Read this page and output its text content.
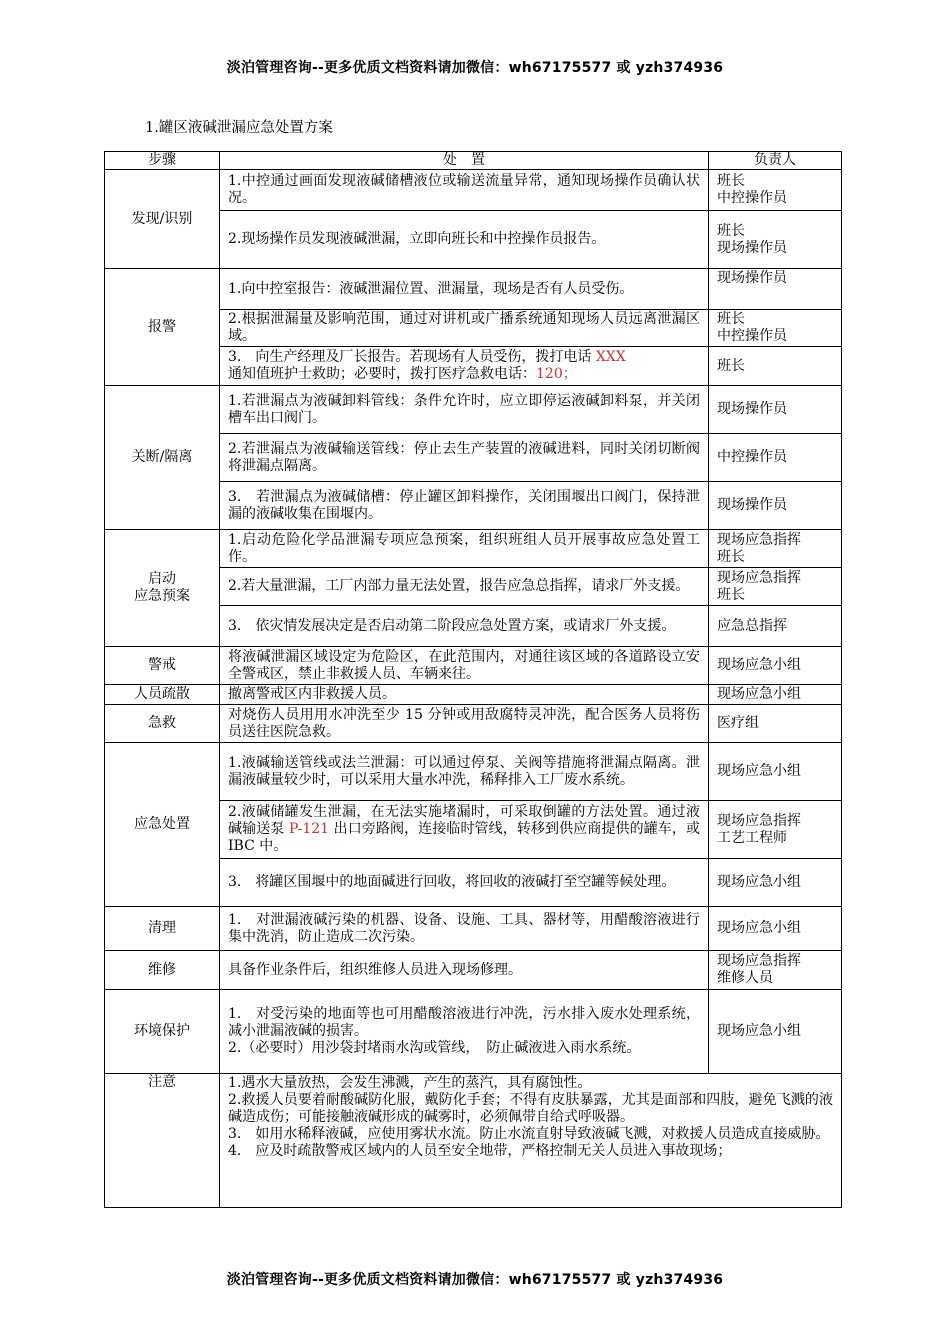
淡泊管理咨询--更多优质文档资料请加微信：wh67175577 或 yzh374936
1.罐区液碱泄漏应急处置方案
步骤	处　置	负责人
发现/识别	1.中控通过画面发现液碱储槽液位或输送流量异常，通知现场操作员确认状况。	班长
中控操作员

	2.现场操作员发现液碱泄漏，立即向班长和中控操作员报告。	班长
现场操作员

报警	1.向中控室报告：液碱泄漏位置、泄漏量，现场是否有人员受伤。	现场操作员

	2.根据泄漏量及影响范围，通过对讲机或广播系统通知现场人员远离泄漏区域。	班长
中控操作员

	3.　向生产经理及厂长报告。若现场有人员受伤，拨打电话 XXX
通知值班护士救助；必要时，拨打医疗急救电话：120；	班长

关断/隔离	1.若泄漏点为液碱卸料管线：条件允许时，应立即停运液碱卸料泵，并关闭槽车出口阀门。	现场操作员

	2.若泄漏点为液碱输送管线：停止去生产装置的液碱进料，同时关闭切断阀将泄漏点隔离。	中控操作员

	3.　若泄漏点为液碱储槽：停止罐区卸料操作，关闭围堰出口阀门，保持泄漏的液碱收集在围堰内。	现场操作员

启动
应急预案	1.启动危险化学品泄漏专项应急预案，组织班组人员开展事故应急处置工作。	现场应急指挥
班长

	2.若大量泄漏，工厂内部力量无法处置，报告应急总指挥，请求厂外支援。	现场应急指挥
班长

	3.　依灾情发展决定是否启动第二阶段应急处置方案，或请求厂外支援。	应急总指挥

警戒	将液碱泄漏区域设定为危险区，在此范围内，对通往该区域的各道路设立安全警戒区，禁止非救援人员、车辆来往。	现场应急小组
人员疏散	撤离警戒区内非救援人员。	现场应急小组
急救	对烧伤人员用用水冲洗至少 15 分钟或用敌腐特灵冲洗，配合医务人员将伤员送往医院急救。	医疗组
应急处置	1.液碱输送管线或法兰泄漏：可以通过停泵、关阀等措施将泄漏点隔离。泄漏液碱量较少时，可以采用大量水冲洗，稀释排入工厂废水系统。	现场应急小组

	2.液碱储罐发生泄漏，在无法实施堵漏时，可采取倒罐的方法处置。通过液碱输送泵 P-121 出口旁路阀，连接临时管线，转移到供应商提供的罐车，或 IBC 中。	现场应急指挥
工艺工程师

	3.　将罐区围堰中的地面碱进行回收，将回收的液碱打至空罐等候处理。	现场应急小组

清理	1.　对泄漏液碱污染的机器、设备、设施、工具、器材等，用醋酸溶液进行集中洗消，防止造成二次污染。	现场应急小组
维修	具备作业条件后，组织维修人员进入现场修理。	现场应急指挥
维修人员

环境保护	1.　对受污染的地面等也可用醋酸溶液进行冲洗，污水排入废水处理系统，减小泄漏液碱的损害。
2.（必要时）用沙袋封堵雨水沟或管线，　防止碱液进入雨水系统。	现场应急小组
注意	1.遇水大量放热，会发生沸溅，产生的蒸汽，具有腐蚀性。
2.救援人员要着耐酸碱防化服，戴防化手套；不得有皮肤暴露，尤其是面部和四肢，避免飞溅的液碱造成伤；可能接触液碱形成的碱雾时，必须佩带自给式呼吸器。
3.　如用水稀释液碱，应使用雾状水流。防止水流直射导致液碱飞溅，对救援人员造成直接威胁。
4.　应及时疏散警戒区域内的人员至安全地带，严格控制无关人员进入事故现场；	
淡泊管理咨询--更多优质文档资料请加微信：wh67175577 或 yzh374936
